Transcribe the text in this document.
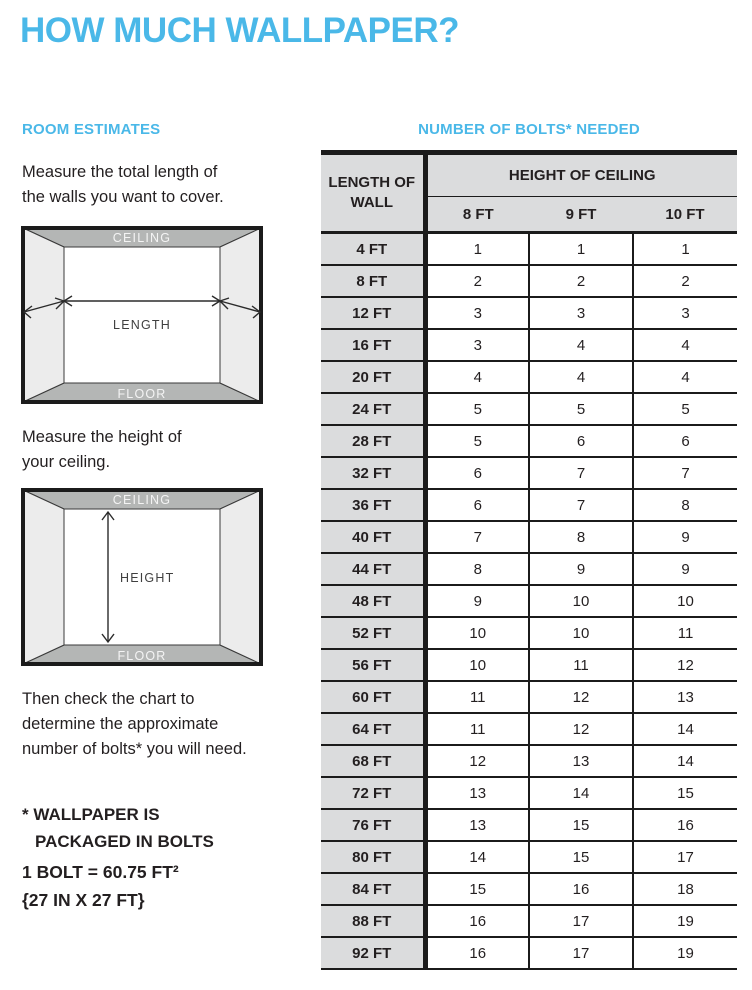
HOW MUCH WALLPAPER?
ROOM ESTIMATES
Measure the total length of the walls you want to cover.
CEILING
FLOOR
LENGTH
Measure the height of your ceiling.
CEILING
FLOOR
HEIGHT
Then check the chart to determine the approximate number of bolts* you will need.
* WALLPAPER IS
PACKAGED IN BOLTS
1 BOLT = 60.75 FT²
{27 IN X 27 FT}
NUMBER OF BOLTS* NEEDED
LENGTH OF WALL	HEIGHT OF CEILING		
	8 FT	9 FT	10 FT
4 FT	1	1	1
8 FT	2	2	2
12 FT	3	3	3
16 FT	3	4	4
20 FT	4	4	4
24 FT	5	5	5
28 FT	5	6	6
32 FT	6	7	7
36 FT	6	7	8
40 FT	7	8	9
44 FT	8	9	9
48 FT	9	10	10
52 FT	10	10	11
56 FT	10	11	12
60 FT	11	12	13
64 FT	11	12	14
68 FT	12	13	14
72 FT	13	14	15
76 FT	13	15	16
80 FT	14	15	17
84 FT	15	16	18
88 FT	16	17	19
92 FT	16	17	19
